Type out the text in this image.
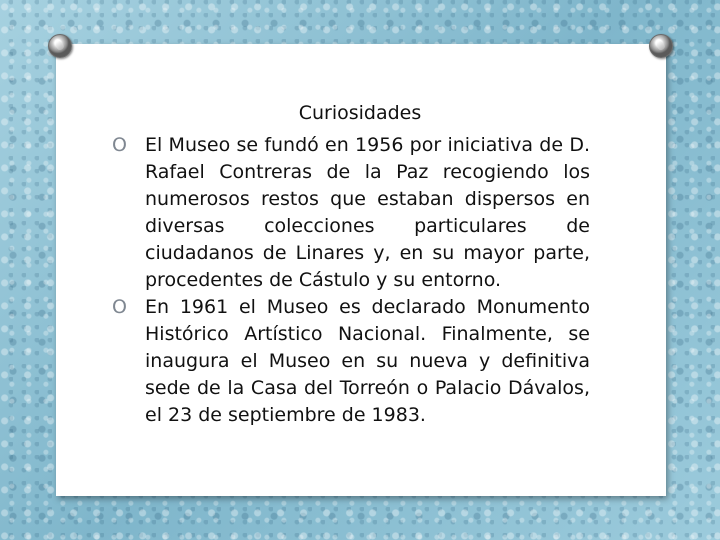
Curiosidades
O El Museo se fundó en 1956 por iniciativa de D. Rafael Contreras de la Paz recogiendo los numerosos restos que estaban dispersos en diversas colecciones particulares de ciudadanos de Linares y, en su mayor parte, procedentes de Cástulo y su entorno.
O En 1961 el Museo es declarado Monumento Histórico Artístico Nacional. Finalmente, se inaugura el Museo en su nueva y definitiva sede de la Casa del Torreón o Palacio Dávalos, el 23 de septiembre de 1983.
